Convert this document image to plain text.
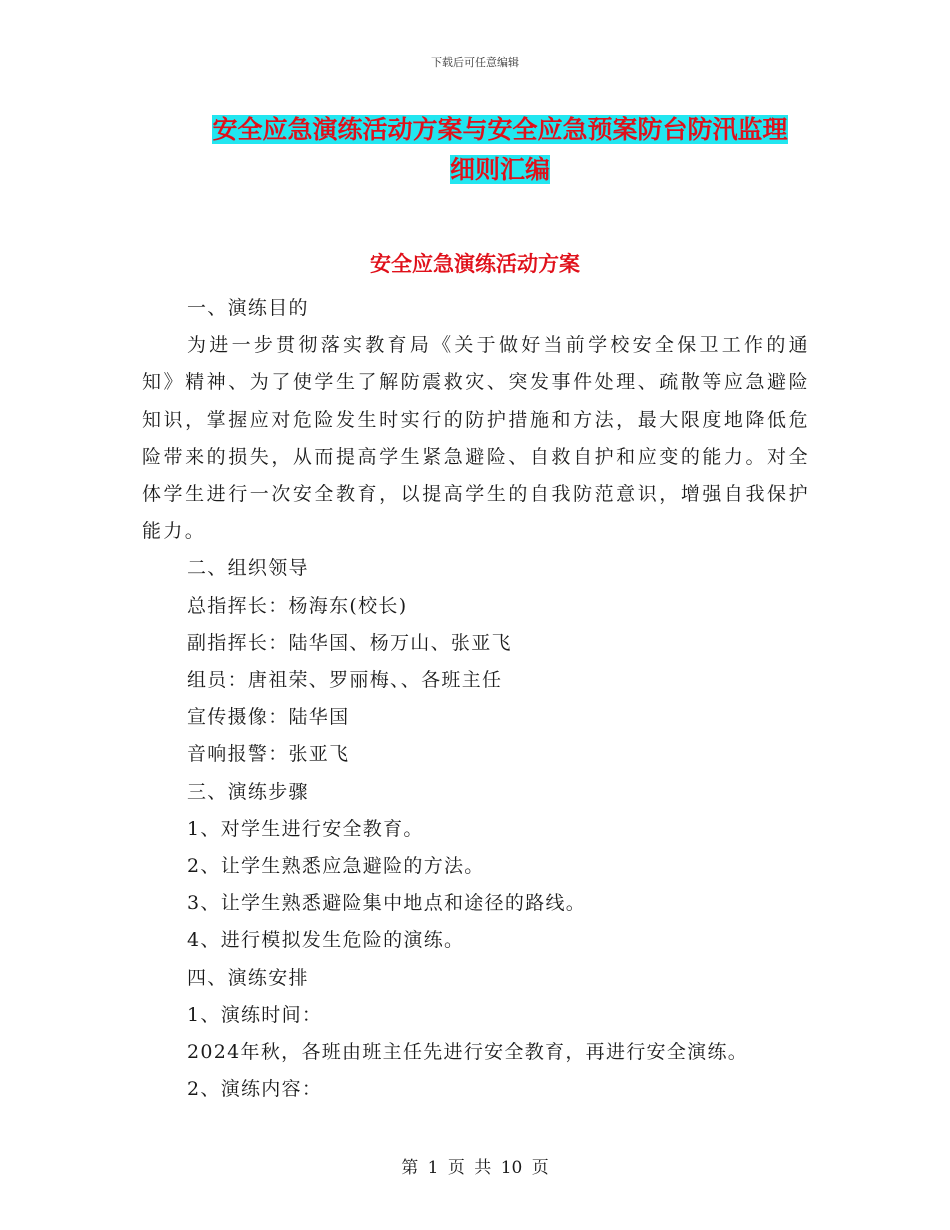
下载后可任意编辑
安全应急演练活动方案与安全应急预案防台防汛监理
细则汇编
安全应急演练活动方案

一、演练目的

为进一步贯彻落实教育局《关于做好当前学校安全保卫工作的通知》精神、为了使学生了解防震救灾、突发事件处理、疏散等应急避险知识，掌握应对危险发生时实行的防护措施和方法，最大限度地降低危险带来的损失，从而提高学生紧急避险、自救自护和应变的能力。对全体学生进行一次安全教育，以提高学生的自我防范意识，增强自我保护能力。

二、组织领导

总指挥长：杨海东(校长)

副指挥长：陆华国、杨万山、张亚飞

组员：唐祖荣、罗丽梅、、各班主任

宣传摄像：陆华国

音响报警：张亚飞

三、演练步骤

1、对学生进行安全教育。

2、让学生熟悉应急避险的方法。

3、让学生熟悉避险集中地点和途径的路线。

4、进行模拟发生危险的演练。

四、演练安排

1、演练时间：

2024年秋，各班由班主任先进行安全教育，再进行安全演练。

2、演练内容：

第 1 页 共 10 页
